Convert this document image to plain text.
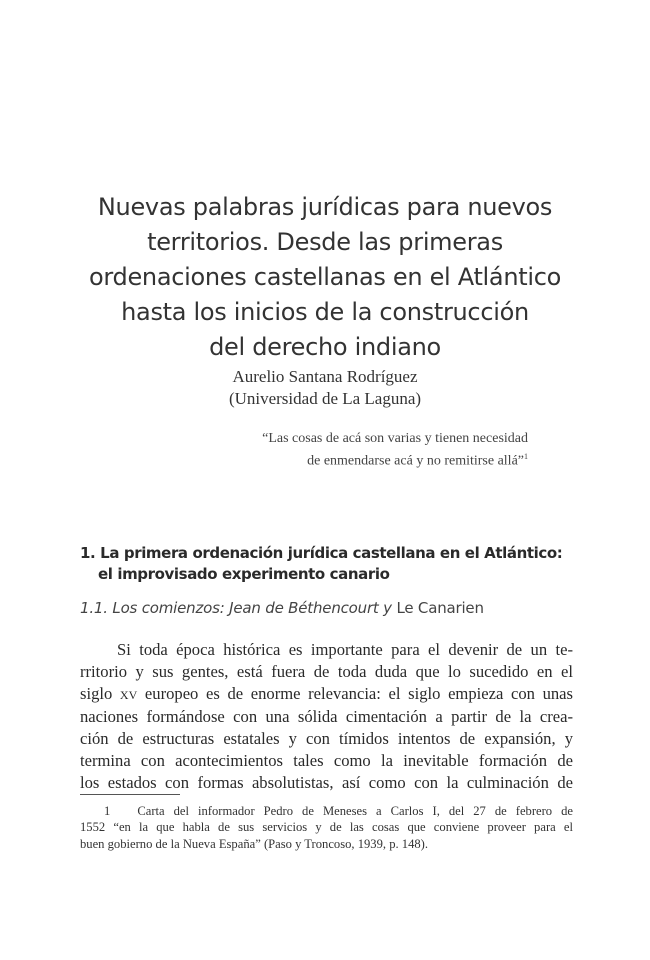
Nuevas palabras jurídicas para nuevos
territorios. Desde las primeras
ordenaciones castellanas en el Atlántico
hasta los inicios de la construcción
del derecho indiano
Aurelio Santana Rodríguez
(Universidad de La Laguna)
“Las cosas de acá son varias y tienen necesidad
de enmendarse acá y no remitirse allá”$^1$
1. La primera ordenación jurídica castellana en el Atlántico:
el improvisado experimento canario
1.1. Los comienzos: Jean de Béthencourt y Le Canarien
Si toda época histórica es importante para el devenir de un te-
rritorio y sus gentes, está fuera de toda duda que lo sucedido en el
siglo xv europeo es de enorme relevancia: el siglo empieza con unas
naciones formándose con una sólida cimentación a partir de la crea-
ción de estructuras estatales y con tímidos intentos de expansión, y
termina con acontecimientos tales como la inevitable formación de
los estados con formas absolutistas, así como con la culminación de
1 Carta del informador Pedro de Meneses a Carlos I, del 27 de febrero de
1552 “en la que habla de sus servicios y de las cosas que conviene proveer para el
buen gobierno de la Nueva España” (Paso y Troncoso, 1939, p. 148).
